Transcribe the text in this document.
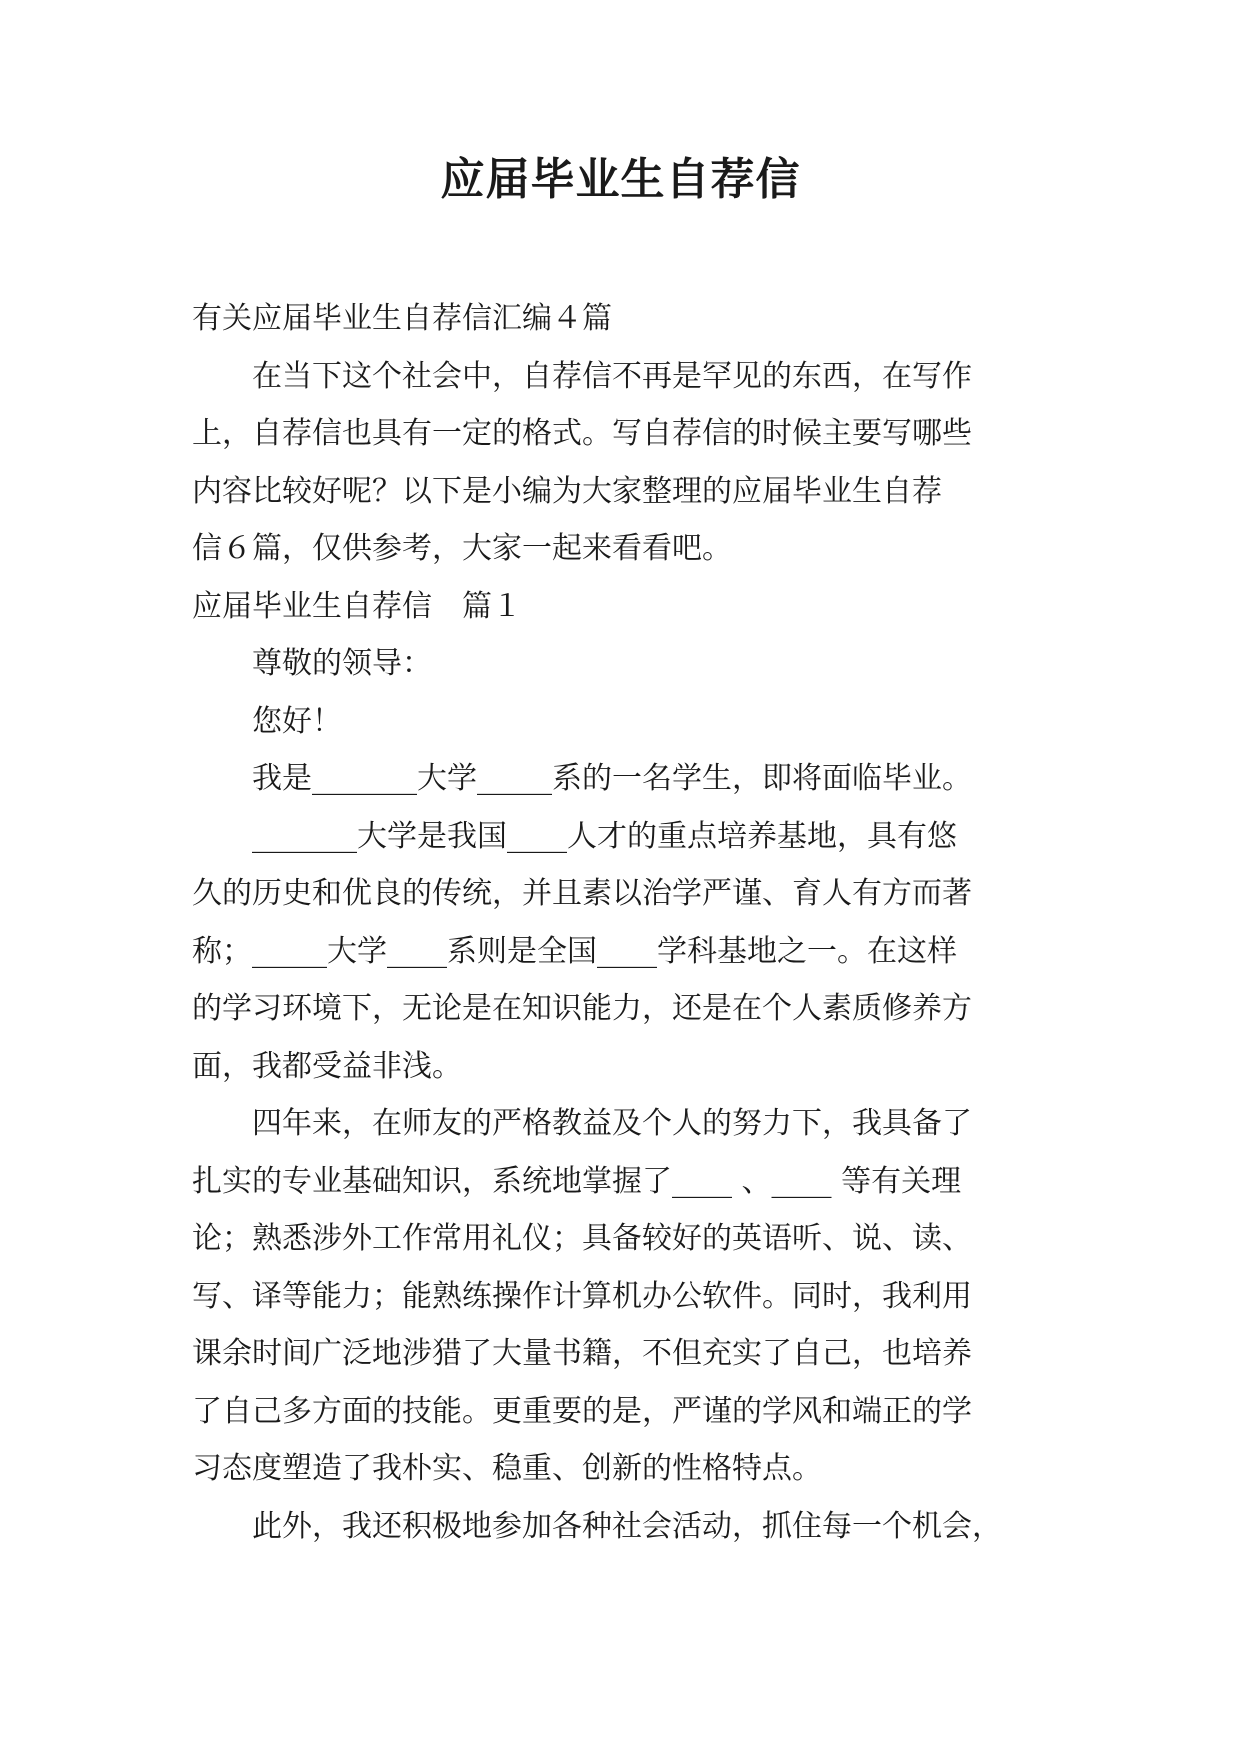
应届毕业生自荐信
有关应届毕业生自荐信汇编４篇
　　在当下这个社会中，自荐信不再是罕见的东西，在写作
上，自荐信也具有一定的格式。写自荐信的时候主要写哪些
内容比较好呢？以下是小编为大家整理的应届毕业生自荐
信６篇，仅供参考，大家一起来看看吧。
应届毕业生自荐信　篇１
　　尊敬的领导：
　　您好！
　　我是_______大学_____系的一名学生，即将面临毕业。
　　_______大学是我国____人才的重点培养基地，具有悠
久的历史和优良的传统，并且素以治学严谨、育人有方而著
称；_____大学____系则是全国____学科基地之一。在这样
的学习环境下，无论是在知识能力，还是在个人素质修养方
面，我都受益非浅。
　　四年来，在师友的严格教益及个人的努力下，我具备了
扎实的专业基础知识，系统地掌握了____ 、____ 等有关理
论；熟悉涉外工作常用礼仪；具备较好的英语听、说、读、
写、译等能力；能熟练操作计算机办公软件。同时，我利用
课余时间广泛地涉猎了大量书籍，不但充实了自己，也培养
了自己多方面的技能。更重要的是，严谨的学风和端正的学
习态度塑造了我朴实、稳重、创新的性格特点。
　　此外，我还积极地参加各种社会活动，抓住每一个机会，
